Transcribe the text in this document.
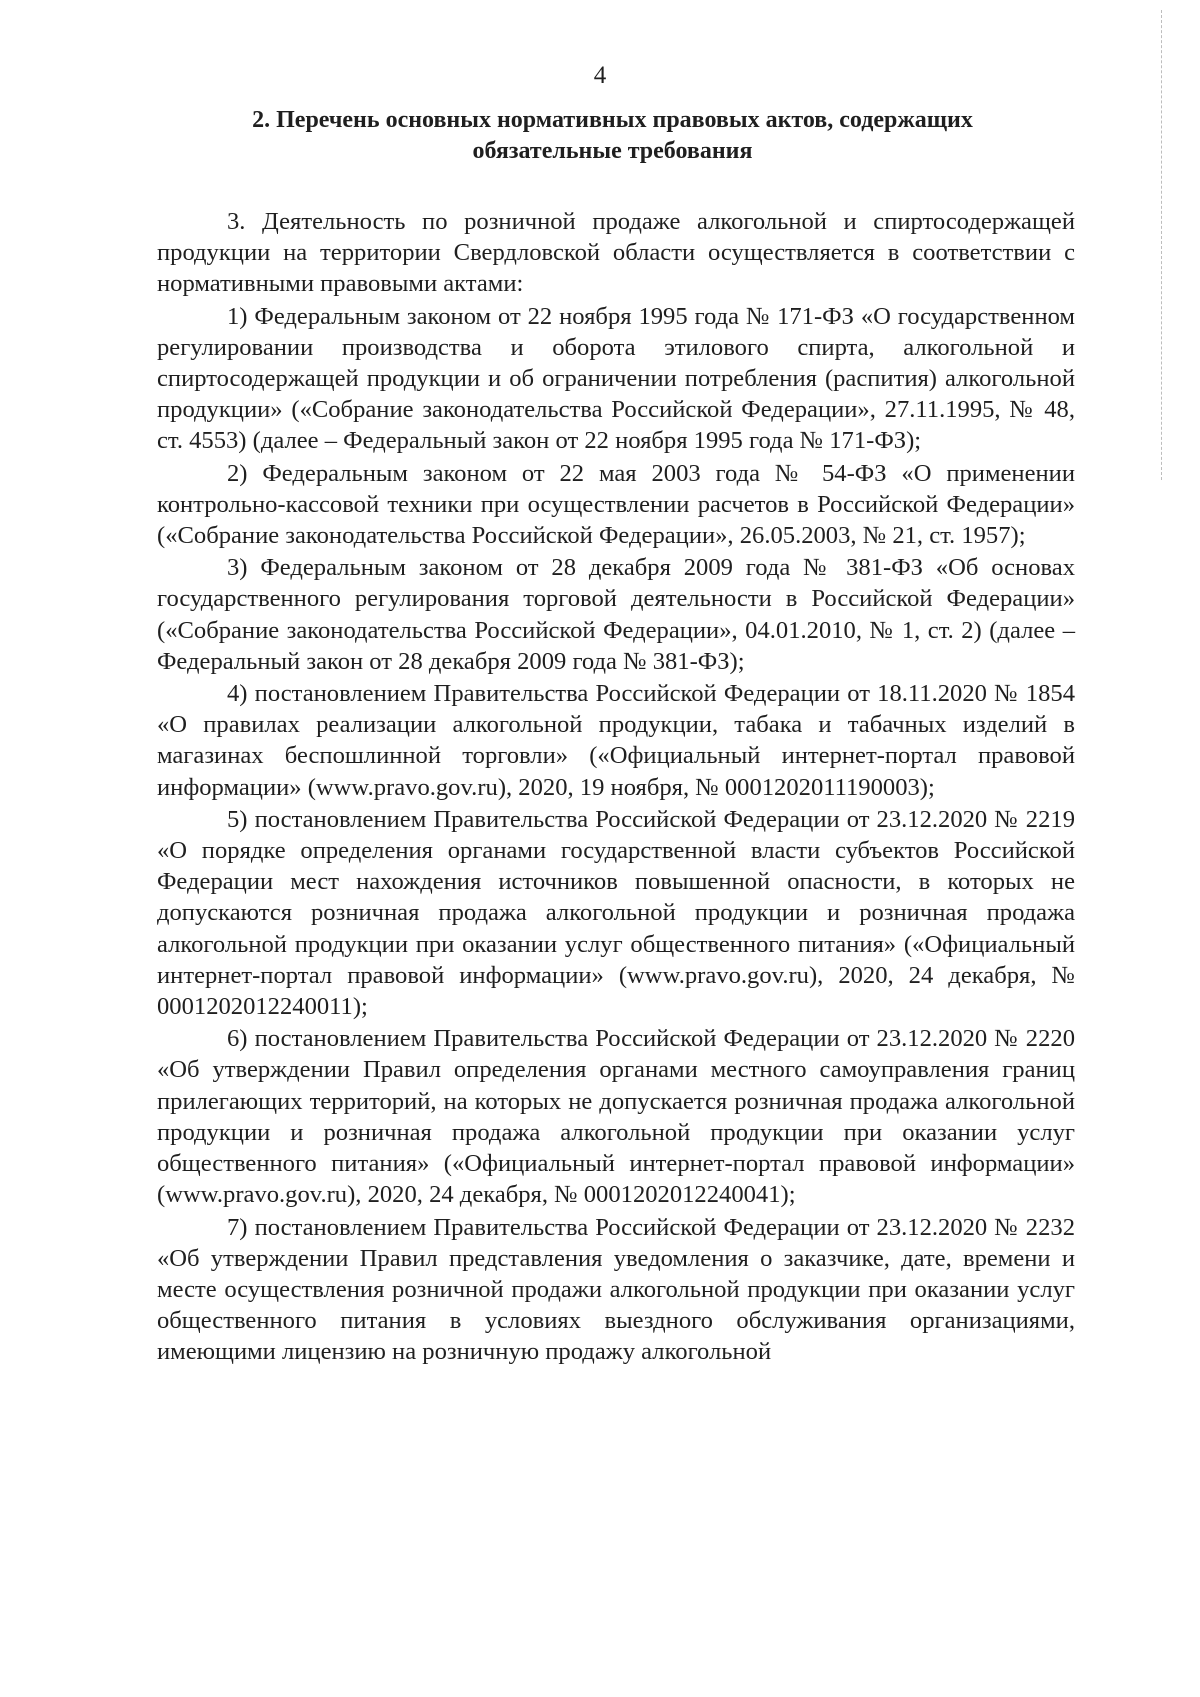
4
2. Перечень основных нормативных правовых актов, содержащих
обязательные требования

3. Деятельность по розничной продаже алкогольной и спиртосодержащей продукции на территории Свердловской области осуществляется в соответствии с нормативными правовыми актами:

1) Федеральным законом от 22 ноября 1995 года № 171-ФЗ «О государственном регулировании производства и оборота этилового спирта, алкогольной и спиртосодержащей продукции и об ограничении потребления (распития) алкогольной продукции» («Собрание законодательства Российской Федерации», 27.11.1995, № 48, ст. 4553) (далее – Федеральный закон от 22 ноября 1995 года № 171-ФЗ);

2) Федеральным законом от 22 мая 2003 года № 54-ФЗ «О применении контрольно-кассовой техники при осуществлении расчетов в Российской Федерации» («Собрание законодательства Российской Федерации», 26.05.2003, № 21, ст. 1957);

3) Федеральным законом от 28 декабря 2009 года № 381-ФЗ «Об основах государственного регулирования торговой деятельности в Российской Федерации» («Собрание законодательства Российской Федерации», 04.01.2010, № 1, ст. 2) (далее – Федеральный закон от 28 декабря 2009 года № 381-ФЗ);

4) постановлением Правительства Российской Федерации от 18.11.2020 № 1854 «О правилах реализации алкогольной продукции, табака и табачных изделий в магазинах беспошлинной торговли» («Официальный интернет-портал правовой информации» (www.pravo.gov.ru), 2020, 19 ноября, № 0001202011190003);

5) постановлением Правительства Российской Федерации от 23.12.2020 № 2219 «О порядке определения органами государственной власти субъектов Российской Федерации мест нахождения источников повышенной опасности, в которых не допускаются розничная продажа алкогольной продукции и розничная продажа алкогольной продукции при оказании услуг общественного питания» («Официальный интернет-портал правовой информации» (www.pravo.gov.ru), 2020, 24 декабря, № 0001202012240011);

6) постановлением Правительства Российской Федерации от 23.12.2020 № 2220 «Об утверждении Правил определения органами местного самоуправления границ прилегающих территорий, на которых не допускается розничная продажа алкогольной продукции и розничная продажа алкогольной продукции при оказании услуг общественного питания» («Официальный интернет-портал правовой информации» (www.pravo.gov.ru), 2020, 24 декабря, № 0001202012240041);

7) постановлением Правительства Российской Федерации от 23.12.2020 № 2232 «Об утверждении Правил представления уведомления о заказчике, дате, времени и месте осуществления розничной продажи алкогольной продукции при оказании услуг общественного питания в условиях выездного обслуживания организациями, имеющими лицензию на розничную продажу алкогольной
